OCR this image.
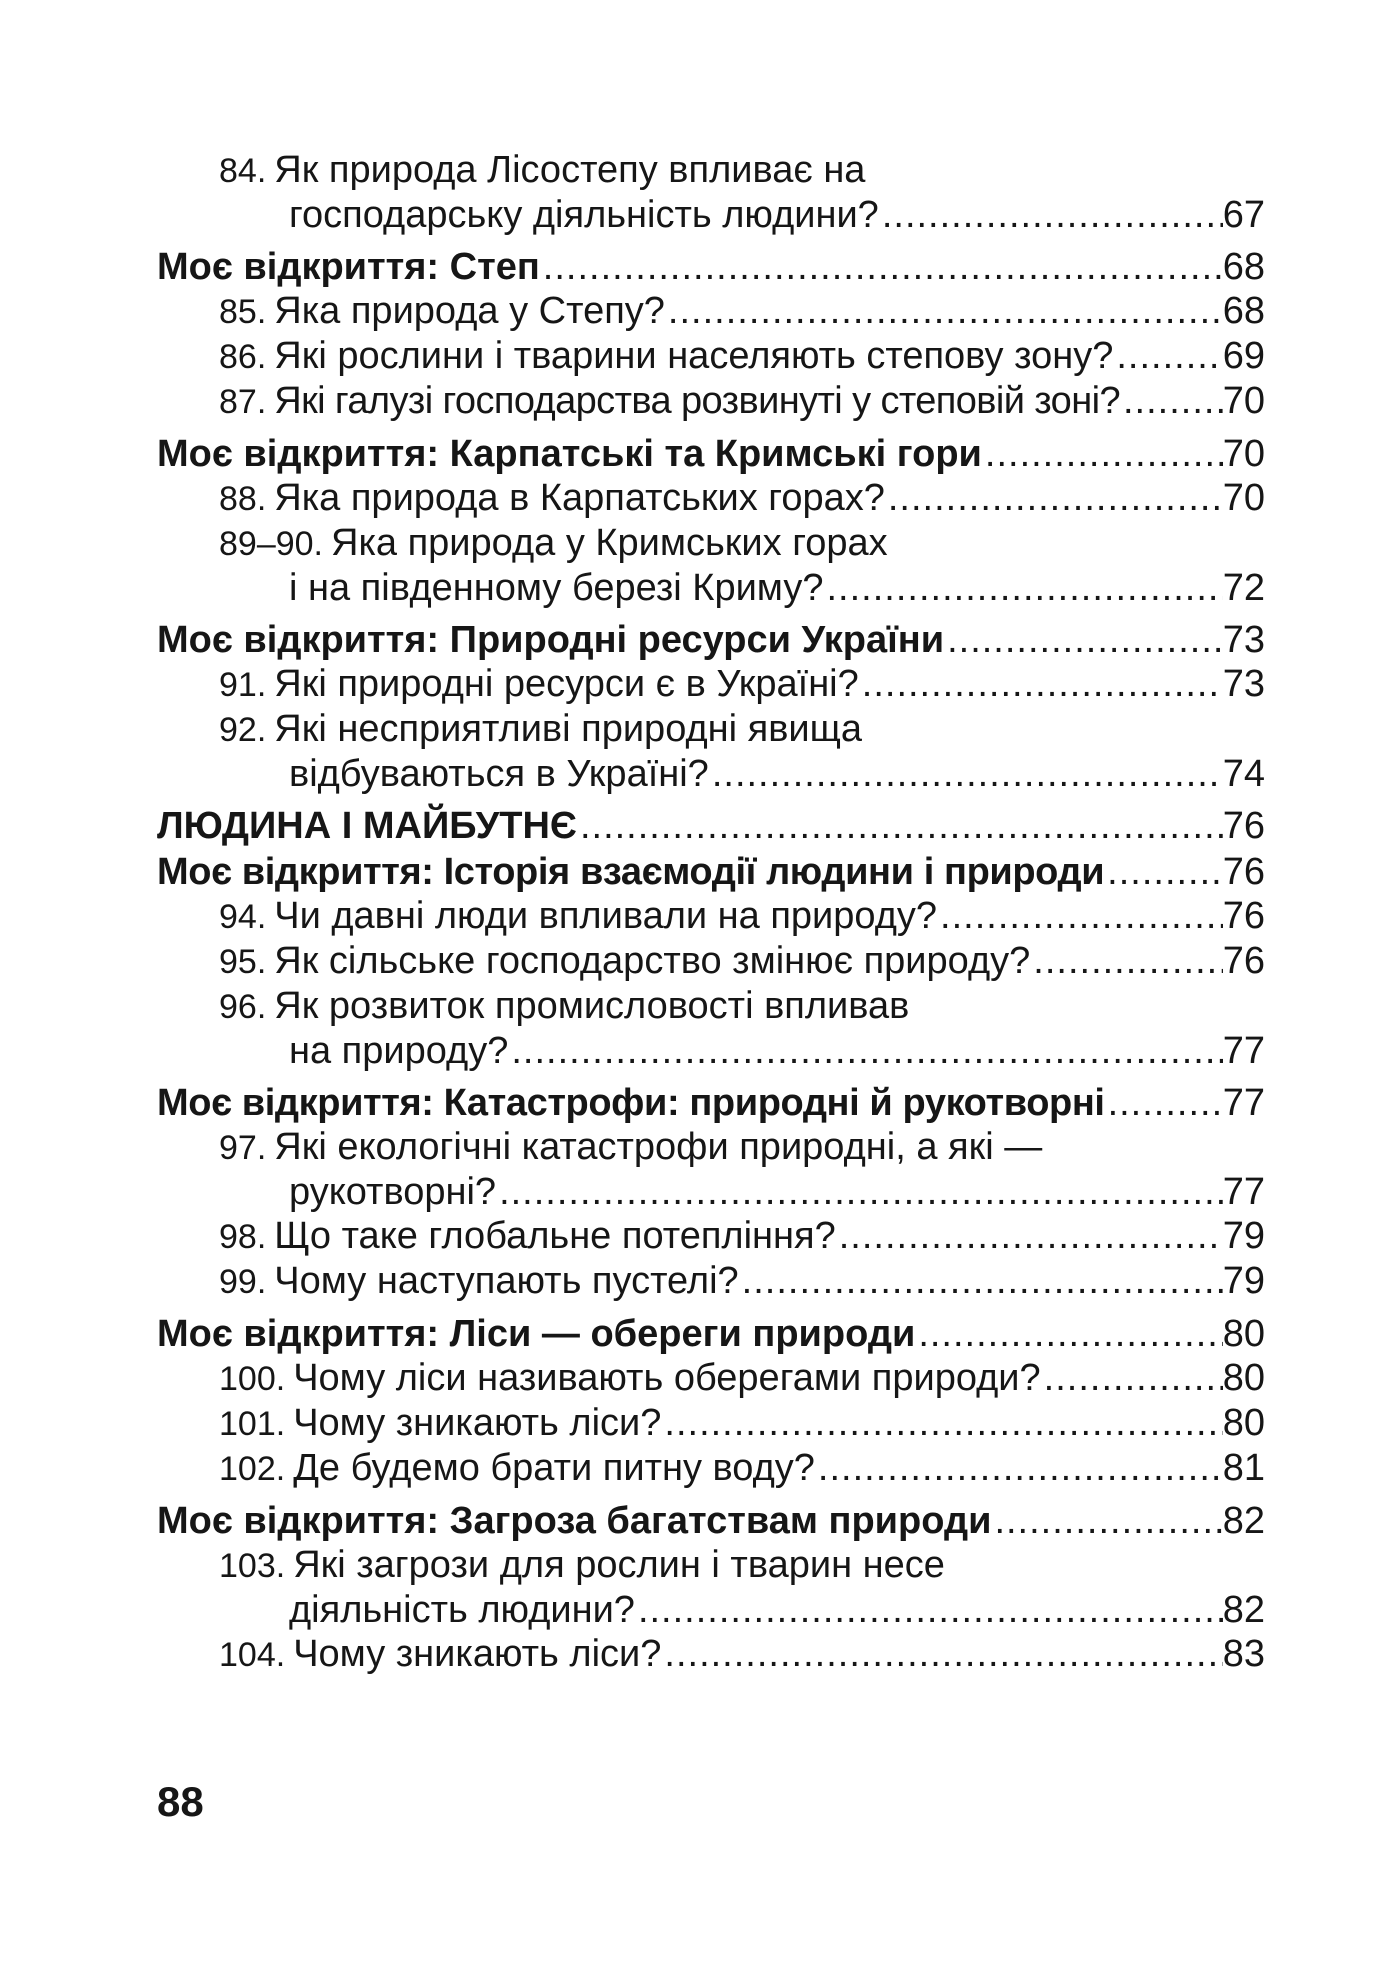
84. Як природа Лісостепу впливає на
господарську діяльність людини? .....	67
Моє відкриття: Степ .....	68
85. Яка природа у Степу? .....	68
86. Які рослини і тварини населяють степову зону? .....	69
87. Які галузі господарства розвинуті у степовій зоні? .....	70
Моє відкриття: Карпатські та Кримські гори .....	70
88. Яка природа в Карпатських горах? .....	70
89–90. Яка природа у Кримських горах
і на південному березі Криму? .....	72
Моє відкриття: Природні ресурси України .....	73
91. Які природні ресурси є в Україні? .....	73
92. Які несприятливі природні явища
відбуваються в Україні? .....	74
ЛЮДИНА І МАЙБУТНЄ .....	76
Моє відкриття: Історія взаємодії людини і природи .....	76
94. Чи давні люди впливали на природу? .....	76
95. Як сільське господарство змінює природу? .....	76
96. Як розвиток промисловості впливав
на природу? .....	77
Моє відкриття: Катастрофи: природні й рукотворні .....	77
97. Які екологічні катастрофи природні, а які —
рукотворні? .....	77
98. Що таке глобальне потепління? .....	79
99. Чому наступають пустелі? .....	79
Моє відкриття: Ліси — обереги природи .....	80
100. Чому ліси називають оберегами природи? .....	80
101. Чому зникають ліси? .....	80
102. Де будемо брати питну воду? .....	81
Моє відкриття: Загроза багатствам природи .....	82
103. Які загрози для рослин і тварин несе
діяльність людини? .....	82
104. Чому зникають ліси? .....	83
88
